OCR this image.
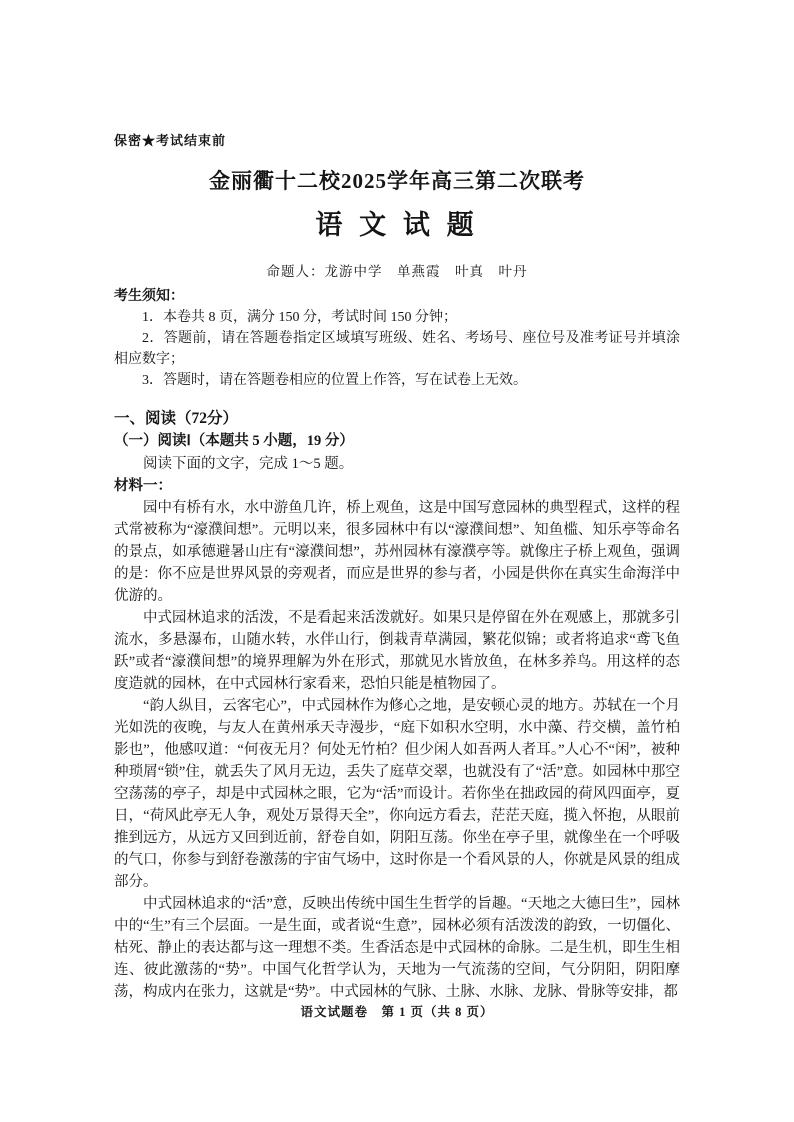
保密★考试结束前
金丽衢十二校2025学年高三第二次联考
语 文 试 题
命题人：龙游中学　单燕霞　叶真　叶丹
考生须知：
1．本卷共 8 页，满分 150 分，考试时间 150 分钟；
2．答题前，请在答题卷指定区域填写班级、姓名、考场号、座位号及准考证号并填涂相应数字；
3．答题时，请在答题卷相应的位置上作答，写在试卷上无效。
一、阅读（72分）
（一）阅读Ⅰ（本题共 5 小题，19 分）
阅读下面的文字，完成 1～5 题。
材料一：

园中有桥有水，水中游鱼几许，桥上观鱼，这是中国写意园林的典型程式，这样的程式常被称为“濠濮间想”。元明以来，很多园林中有以“濠濮间想”、知鱼槛、知乐亭等命名的景点，如承德避暑山庄有“濠濮间想”，苏州园林有濠濮亭等。就像庄子桥上观鱼，强调的是：你不应是世界风景的旁观者，而应是世界的参与者，小园是供你在真实生命海洋中优游的。

中式园林追求的活泼，不是看起来活泼就好。如果只是停留在外在观感上，那就多引流水，多悬瀑布，山随水转，水伴山行，倒栽青草满园，繁花似锦；或者将追求“鸢飞鱼跃”或者“濠濮间想”的境界理解为外在形式，那就见水皆放鱼，在林多养鸟。用这样的态度造就的园林，在中式园林行家看来，恐怕只能是植物园了。

“韵人纵目，云客宅心”，中式园林作为修心之地，是安顿心灵的地方。苏轼在一个月光如洗的夜晚，与友人在黄州承天寺漫步，“庭下如积水空明，水中藻、荇交横，盖竹柏影也”，他感叹道：“何夜无月？何处无竹柏？但少闲人如吾两人者耳。”人心不“闲”，被种种琐屑“锁”住，就丢失了风月无边，丢失了庭草交翠，也就没有了“活”意。如园林中那空空荡荡的亭子，却是中式园林之眼，它为“活”而设计。若你坐在拙政园的荷风四面亭，夏日，“荷风此亭无人争，观处万景得天全”，你向远方看去，茫茫天庭，揽入怀抱，从眼前推到远方，从远方又回到近前，舒卷自如，阴阳互荡。你坐在亭子里，就像坐在一个呼吸的气口，你参与到舒卷激荡的宇宙气场中，这时你是一个看风景的人，你就是风景的组成部分。

中式园林追求的“活”意，反映出传统中国生生哲学的旨趣。“天地之大德曰生”，园林中的“生”有三个层面。一是生面，或者说“生意”，园林必须有活泼泼的韵致，一切僵化、枯死、静止的表达都与这一理想不类。生香活态是中式园林的命脉。二是生机，即生生相连、彼此激荡的“势”。中国气化哲学认为，天地为一气流荡的空间，气分阴阳，阴阳摩荡，构成内在张力，这就是“势”。中式园林的气脉、土脉、水脉、龙脉、骨脉等安排，都

语文试题卷　第 1 页（共 8 页）
